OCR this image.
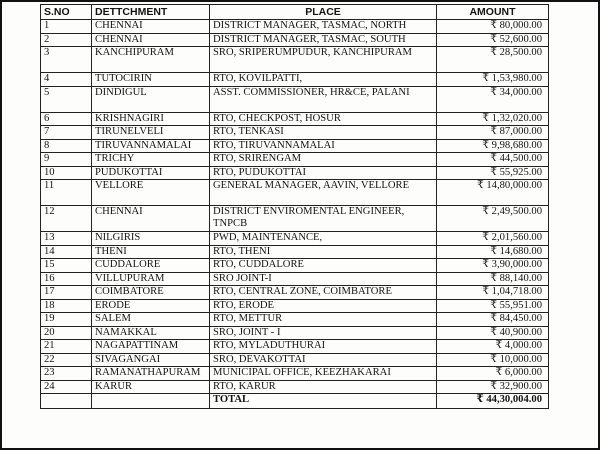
S.NO	DETTCHMENT	PLACE	AMOUNT
1	CHENNAI	DISTRICT MANAGER, TASMAC, NORTH	₹ 80,000.00
2	CHENNAI	DISTRICT MANAGER, TASMAC, SOUTH	₹ 52,600.00
3	KANCHIPURAM	SRO, SRIPERUMPUDUR, KANCHIPURAM	₹ 28,500.00
4	TUTOCIRIN	RTO, KOVILPATTI,	₹ 1,53,980.00
5	DINDIGUL	ASST. COMMISSIONER, HR&CE, PALANI	₹ 34,000.00
6	KRISHNAGIRI	RTO, CHECKPOST, HOSUR	₹ 1,32,020.00
7	TIRUNELVELI	RTO, TENKASI	₹ 87,000.00
8	TIRUVANNAMALAI	RTO, TIRUVANNAMALAI	₹ 9,98,680.00
9	TRICHY	RTO, SRIRENGAM	₹ 44,500.00
10	PUDUKOTTAI	RTO, PUDUKOTTAI	₹ 55,925.00
11	VELLORE	GENERAL MANAGER, AAVIN, VELLORE	₹ 14,80,000.00
12	CHENNAI	DISTRICT ENVIROMENTAL ENGINEER, TNPCB	₹ 2,49,500.00
13	NILGIRIS	PWD, MAINTENANCE,	₹ 2,01,560.00
14	THENI	RTO, THENI	₹ 14,680.00
15	CUDDALORE	RTO, CUDDALORE	₹ 3,90,000.00
16	VILLUPURAM	SRO JOINT-I	₹ 88,140.00
17	COIMBATORE	RTO, CENTRAL ZONE, COIMBATORE	₹ 1,04,718.00
18	ERODE	RTO, ERODE	₹ 55,951.00
19	SALEM	RTO, METTUR	₹ 84,450.00
20	NAMAKKAL	SRO, JOINT - I	₹ 40,900.00
21	NAGAPATTINAM	RTO, MYLADUTHURAI	₹ 4,000.00
22	SIVAGANGAI	SRO, DEVAKOTTAI	₹ 10,000.00
23	RAMANATHAPURAM	MUNICIPAL OFFICE, KEEZHAKARAI	₹ 6,000.00
24	KARUR	RTO, KARUR	₹ 32,900.00
		TOTAL	₹ 44,30,004.00
